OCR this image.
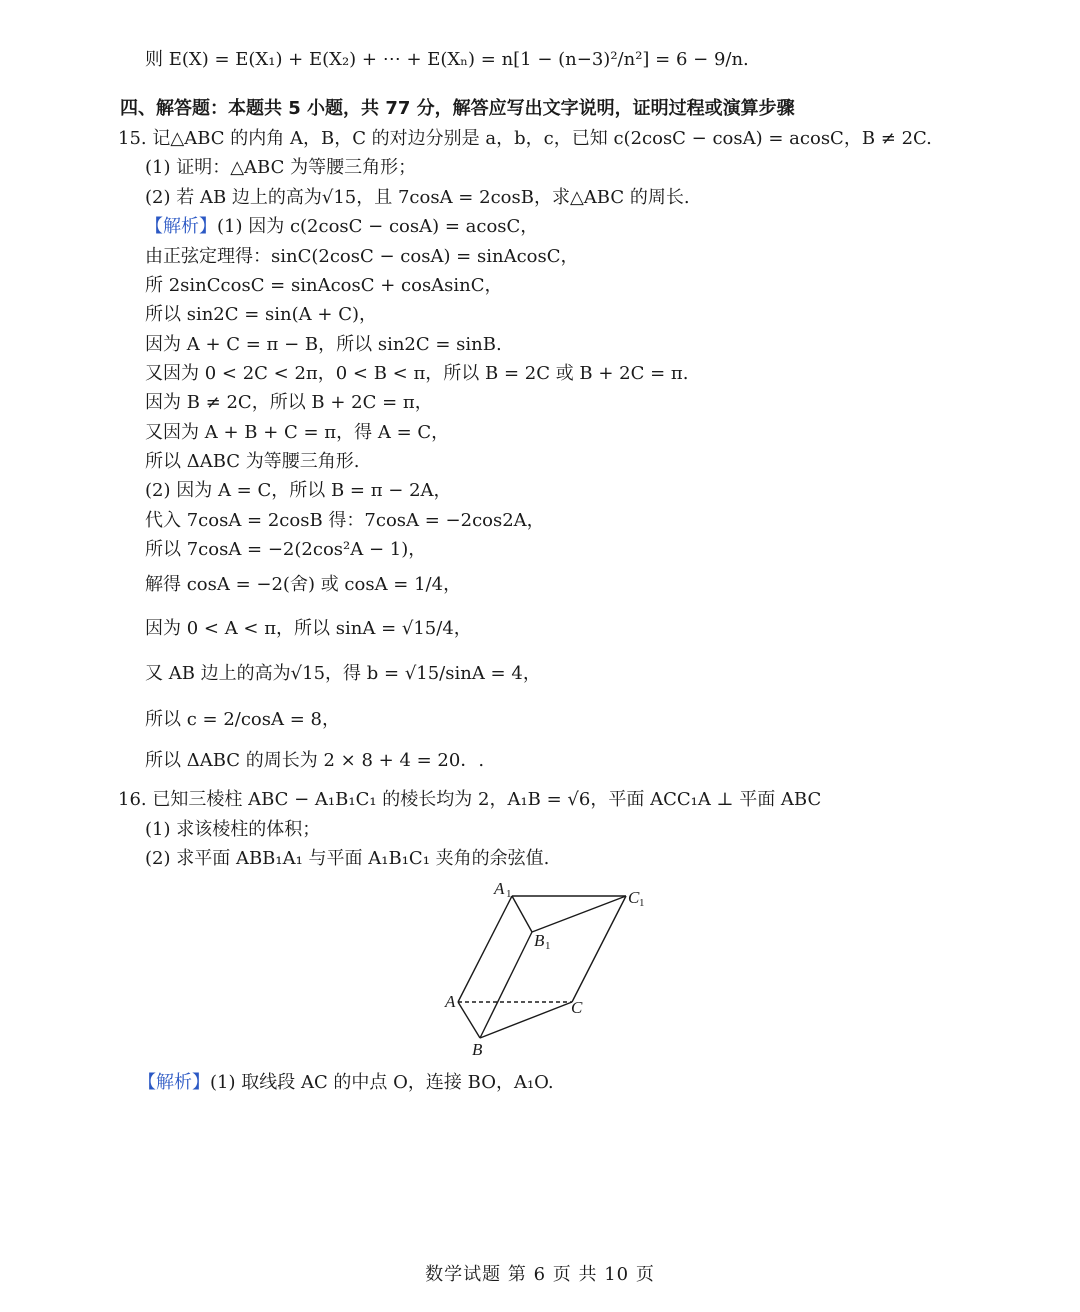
则 E(X) = E(X₁) + E(X₂) + ⋯ + E(Xₙ) = n[1 − (n−3)²/n²] = 6 − 9/n.
四、解答题：本题共 5 小题，共 77 分，解答应写出文字说明，证明过程或演算步骤
15. 记△ABC 的内角 A，B，C 的对边分别是 a，b，c，已知 c(2cosC − cosA) = acosC，B ≠ 2C.
(1) 证明：△ABC 为等腰三角形；
(2) 若 AB 边上的高为√15，且 7cosA = 2cosB，求△ABC 的周长.
【解析】(1) 因为 c(2cosC − cosA) = acosC，
由正弦定理得：sinC(2cosC − cosA) = sinAcosC，
所 2sinCcosC = sinAcosC + cosAsinC，
所以 sin2C = sin(A + C)，
因为 A + C = π − B，所以 sin2C = sinB.
又因为 0 < 2C < 2π，0 < B < π，所以 B = 2C 或 B + 2C = π.
因为 B ≠ 2C，所以 B + 2C = π，
又因为 A + B + C = π，得 A = C，
所以 ΔABC 为等腰三角形.
(2) 因为 A = C，所以 B = π − 2A，
代入 7cosA = 2cosB 得：7cosA = −2cos2A，
所以 7cosA = −2(2cos²A − 1)，
解得 cosA = −2(舍) 或 cosA = 1/4，
因为 0 < A < π，所以 sinA = √15/4，
又 AB 边上的高为√15，得 b = √15/sinA = 4，
所以 c = 2/cosA = 8，
所以 ΔABC 的周长为 2 × 8 + 4 = 20．.
16. 已知三棱柱 ABC − A₁B₁C₁ 的棱长均为 2，A₁B = √6，平面 ACC₁A ⊥ 平面 ABC
(1) 求该棱柱的体积；
(2) 求平面 ABB₁A₁ 与平面 A₁B₁C₁ 夹角的余弦值.
A 1	C 1
B 1
A	C
B
【解析】(1) 取线段 AC 的中点 O，连接 BO，A₁O.
数学试题 第 6 页 共 10 页
